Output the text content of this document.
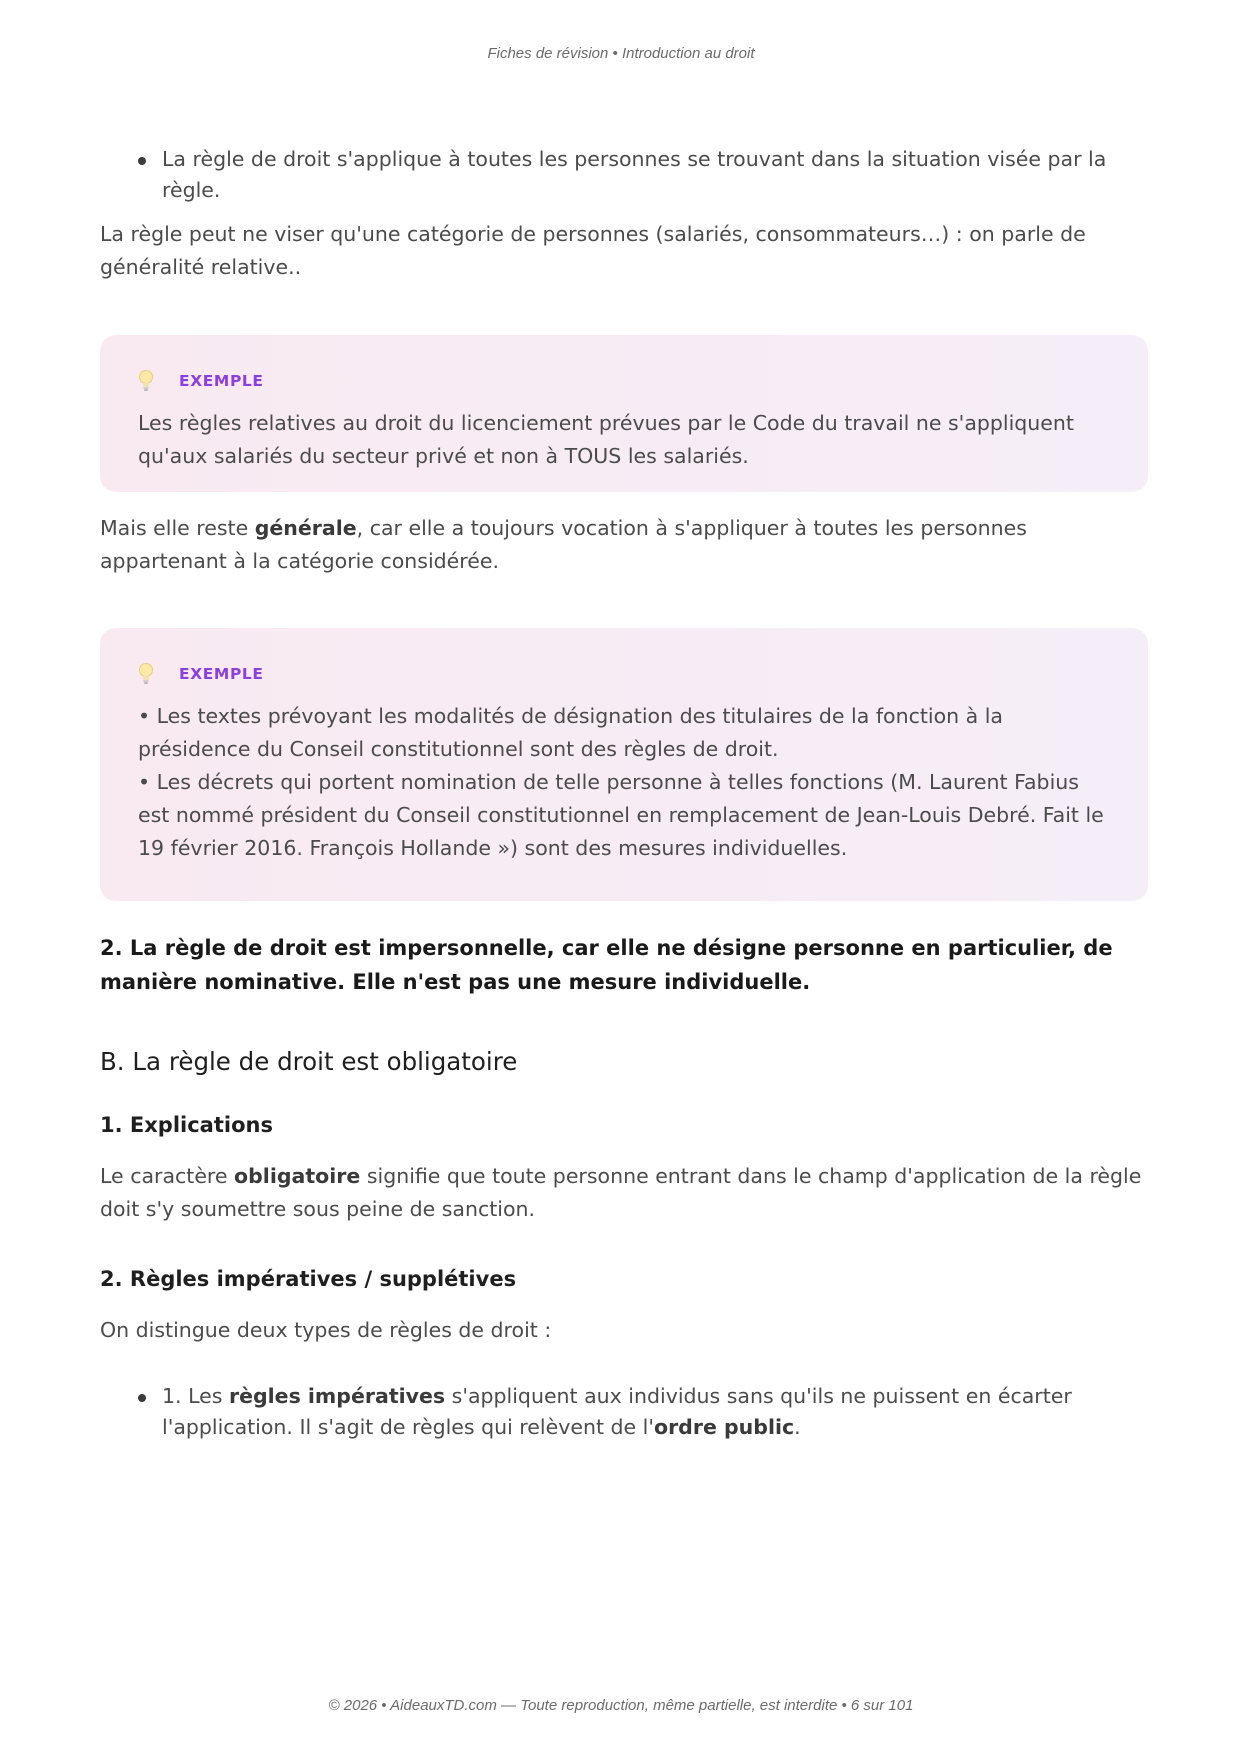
Fiches de révision • Introduction au droit
La règle de droit s'applique à toutes les personnes se trouvant dans la situation visée par la règle.

La règle peut ne viser qu'une catégorie de personnes (salariés, consommateurs…) : on parle de généralité relative..

EXEMPLE

Les règles relatives au droit du licenciement prévues par le Code du travail ne s'appliquent qu'aux salariés du secteur privé et non à TOUS les salariés.

Mais elle reste générale, car elle a toujours vocation à s'appliquer à toutes les personnes appartenant à la catégorie considérée.

EXEMPLE

• Les textes prévoyant les modalités de désignation des titulaires de la fonction à la présidence du Conseil constitutionnel sont des règles de droit.

• Les décrets qui portent nomination de telle personne à telles fonctions (M. Laurent Fabius est nommé président du Conseil constitutionnel en remplacement de Jean-Louis Debré. Fait le 19 février 2016. François Hollande ») sont des mesures individuelles.

2. La règle de droit est impersonnelle, car elle ne désigne personne en particulier, de manière nominative. Elle n'est pas une mesure individuelle.

B. La règle de droit est obligatoire
1. Explications

Le caractère obligatoire signifie que toute personne entrant dans le champ d'application de la règle doit s'y soumettre sous peine de sanction.

2. Règles impératives / supplétives

On distingue deux types de règles de droit :

1. Les règles impératives s'appliquent aux individus sans qu'ils ne puissent en écarter l'application. Il s'agit de règles qui relèvent de l'ordre public.
© 2026 • AideauxTD.com — Toute reproduction, même partielle, est interdite • 6 sur 101
